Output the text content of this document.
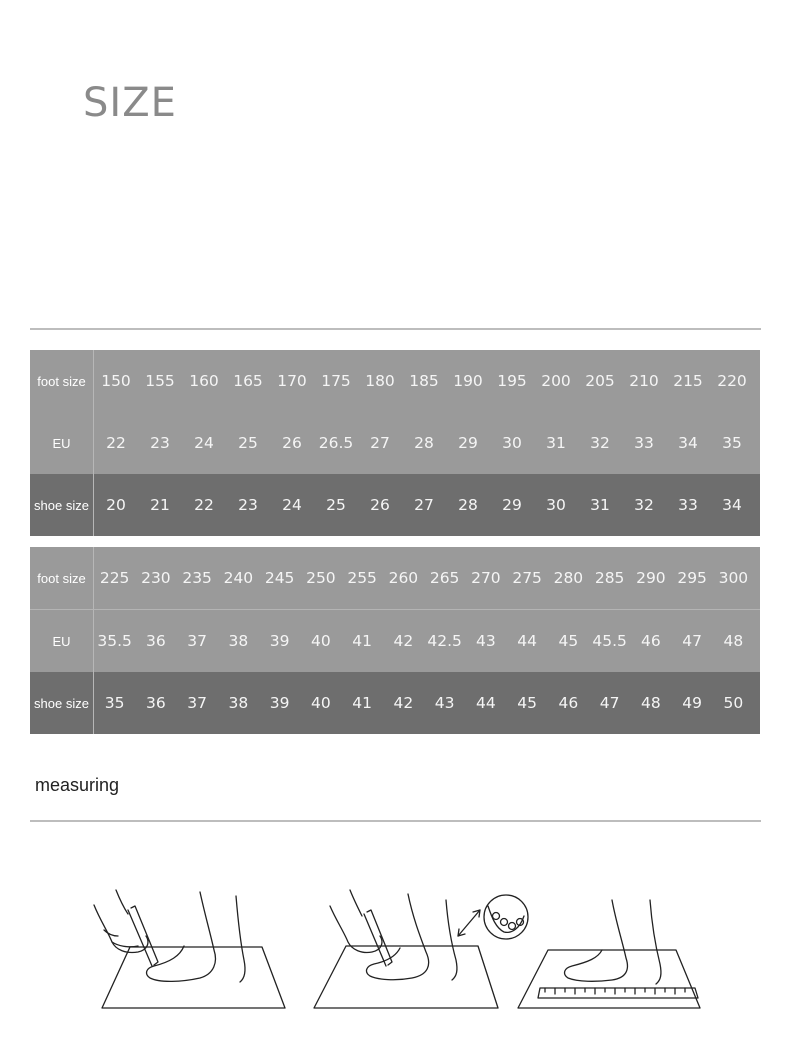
SIZE
foot size	150 155 160 165 170 175 180 185 190 195 200 205 210 215 220
EU	22	23	24	25	26	26.5	27	28	29	30	31	32	33	34	35
shoe size	20	21	22	23	24	25	26	27	28	29	30	31	32	33	34
foot size 225 230 235 240 245 250 255 260 265 270 275 280 285 290 295 300
EU	35.5 36	37	38	39	40	41	42 42.5 43	44	45 45.5 46	47	48
shoe size	35	36	37	38	39	40	41	42	43	44	45	46	47	48	49	50
measuring
